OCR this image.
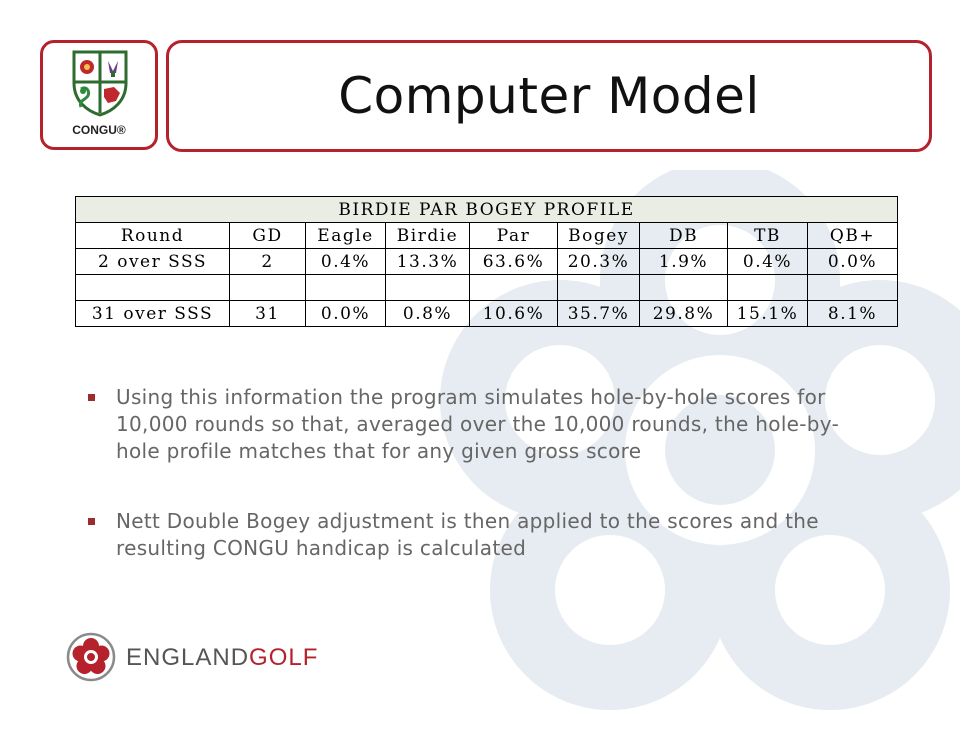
CONGU®
Computer Model
BIRDIE PAR BOGEY PROFILE								
Round	GD	Eagle	Birdie	Par	Bogey	DB	TB	QB+
2 over SSS	2	0.4%	13.3%	63.6%	20.3%	1.9%	0.4%	0.0%

31 over SSS	31	0.0%	0.8%	10.6%	35.7%	29.8%	15.1%	8.1%
Using this information the program simulates hole-by-hole scores for 10,000 rounds so that, averaged over the 10,000 rounds, the hole-by-hole profile matches that for any given gross score
Nett Double Bogey adjustment is then applied to the scores and the resulting CONGU handicap is calculated
ENGLANDGOLF
